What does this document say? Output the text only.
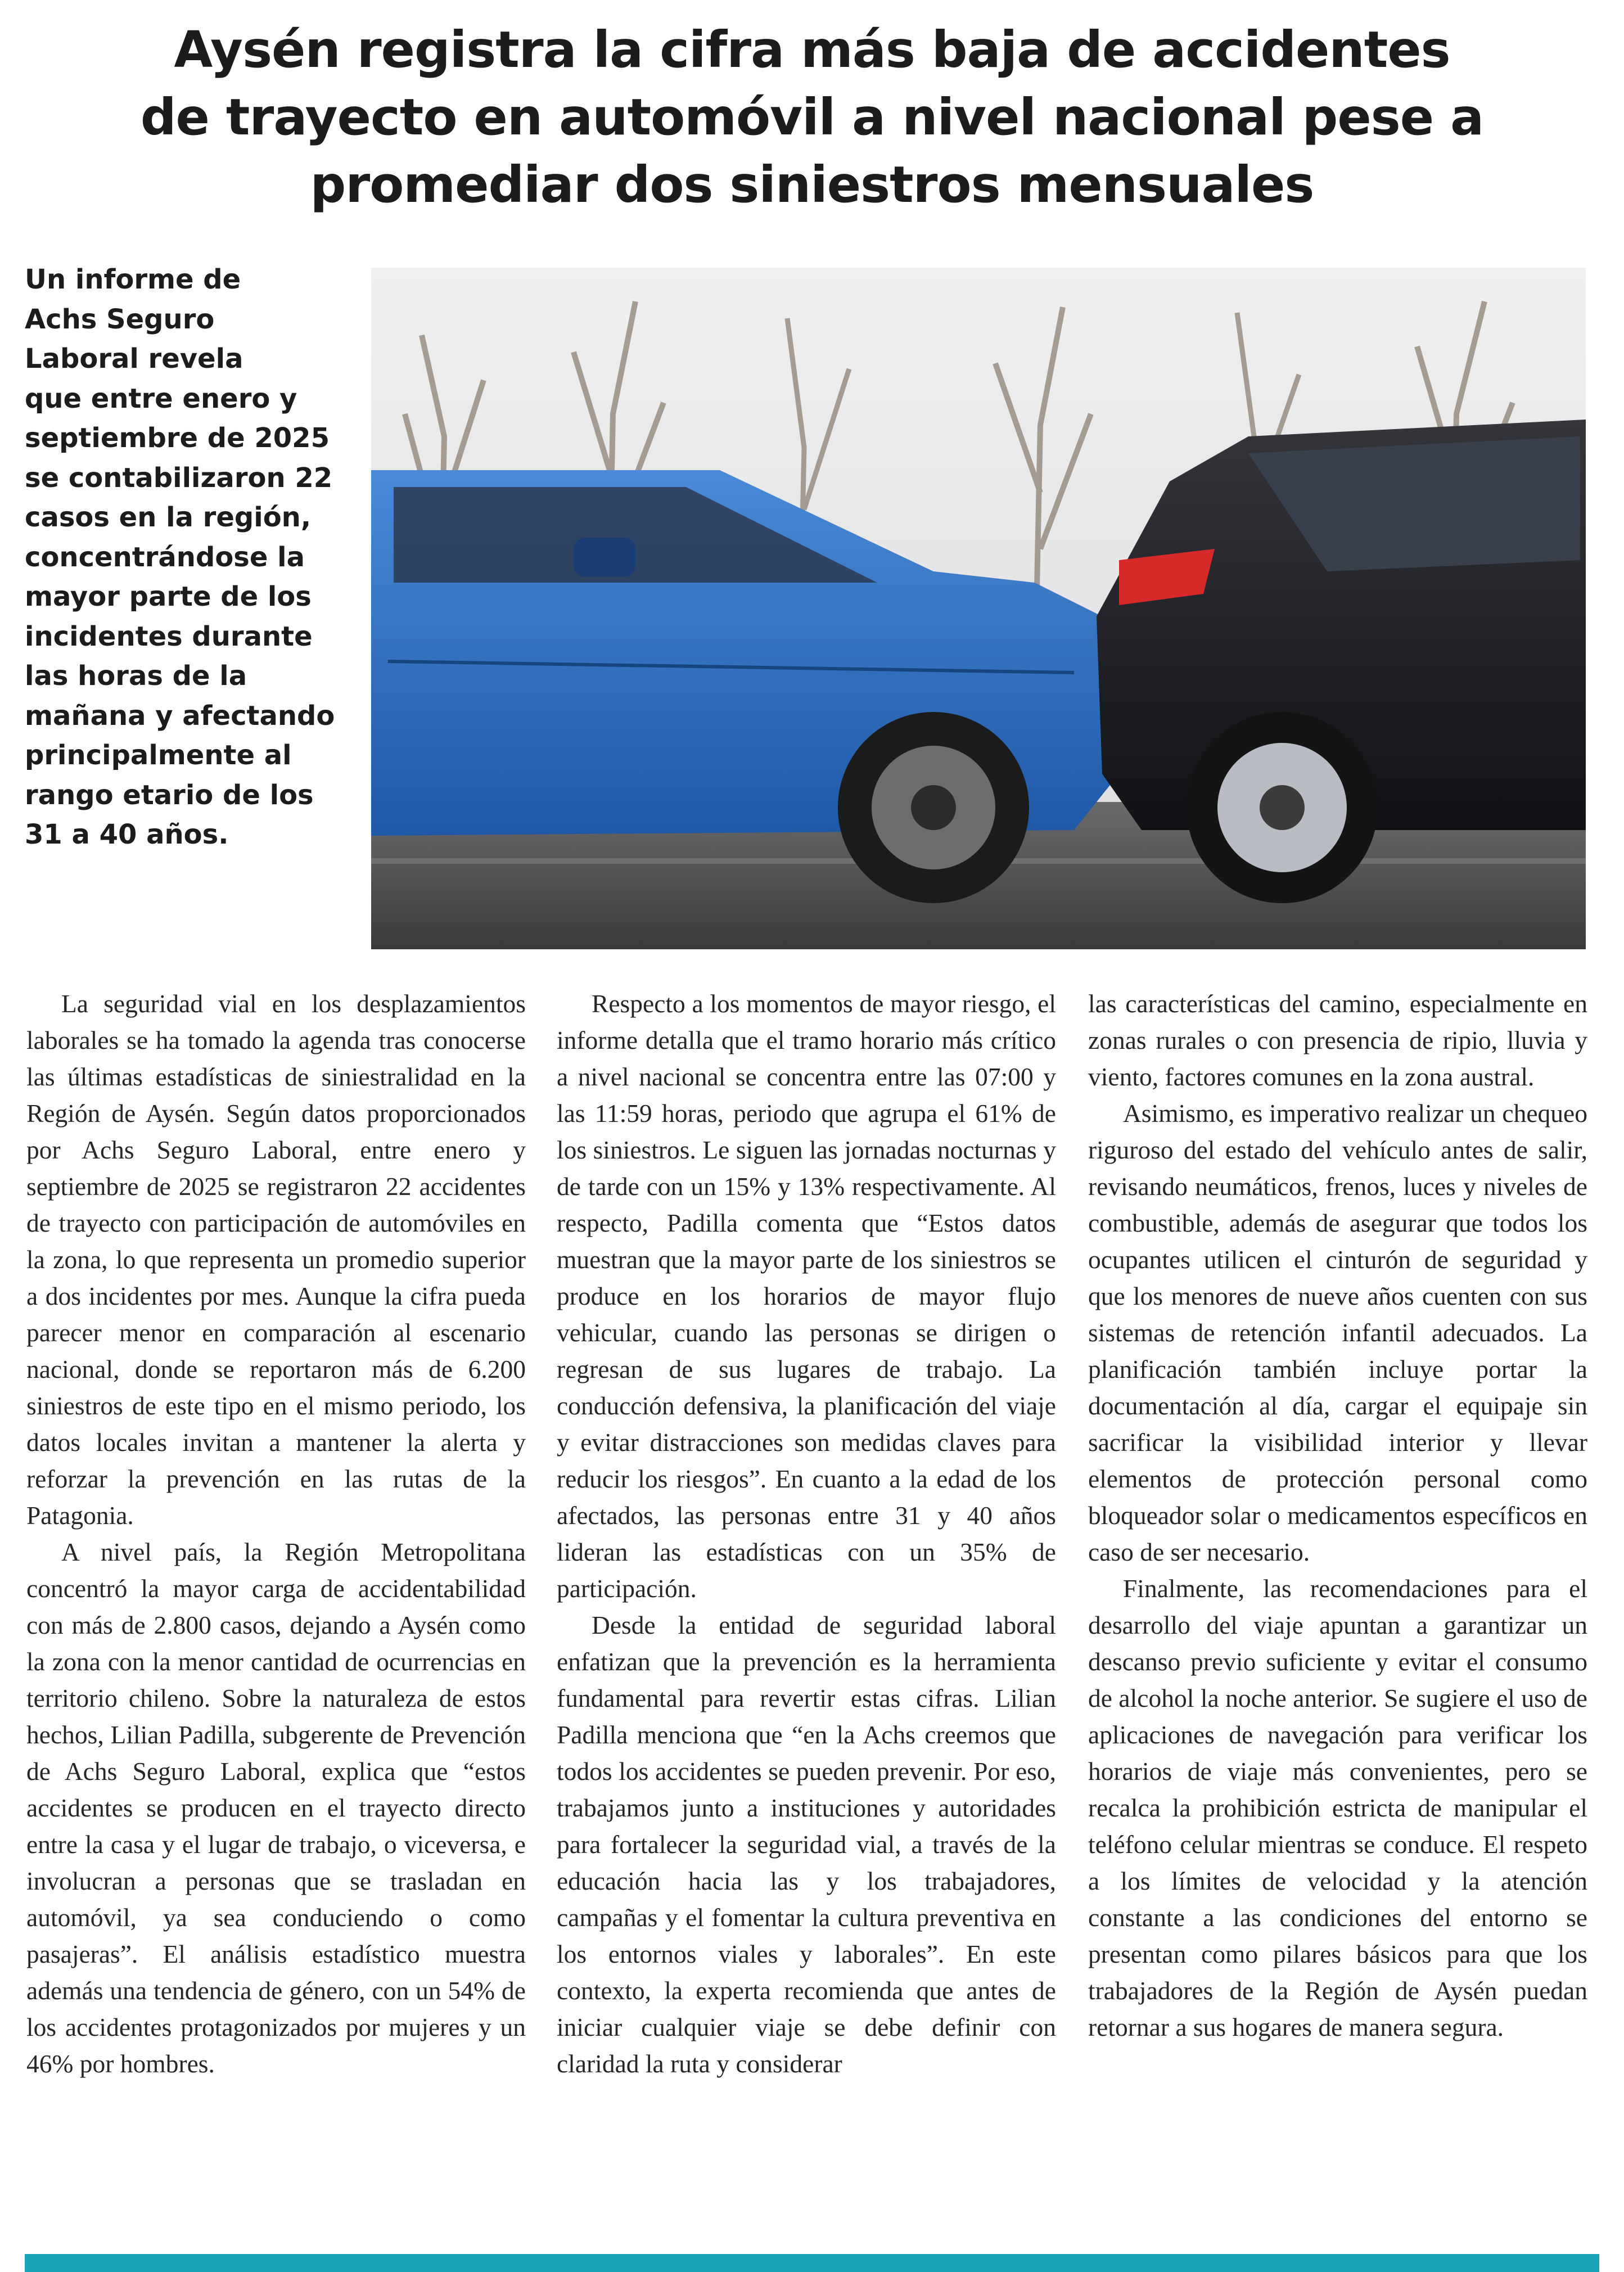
Aysén registra la cifra más baja de accidentes
de trayecto en automóvil a nivel nacional pese a
promediar dos siniestros mensuales
Un informe de
Achs Seguro
Laboral revela
que entre enero y
septiembre de 2025
se contabilizaron 22
casos en la región,
concentrándose la
mayor parte de los
incidentes durante
las horas de la
mañana y afectando
principalmente al
rango etario de los
31 a 40 años.

La seguridad vial en los desplazamientos laborales se ha tomado la agenda tras conocerse las últimas estadísticas de siniestralidad en la Región de Aysén. Según datos proporcionados por Achs Seguro Laboral, entre enero y septiembre de 2025 se registraron 22 accidentes de trayecto con participación de automóviles en la zona, lo que representa un promedio superior a dos incidentes por mes. Aunque la cifra pueda parecer menor en comparación al escenario nacional, donde se reportaron más de 6.200 siniestros de este tipo en el mismo periodo, los datos locales invitan a mantener la alerta y reforzar la prevención en las rutas de la Patagonia.

A nivel país, la Región Metropolitana concentró la mayor carga de accidentabilidad con más de 2.800 casos, dejando a Aysén como la zona con la menor cantidad de ocurrencias en territorio chileno. Sobre la naturaleza de estos hechos, Lilian Padilla, subgerente de Prevención de Achs Seguro Laboral, explica que “estos accidentes se producen en el trayecto directo entre la casa y el lugar de trabajo, o viceversa, e involucran a personas que se trasladan en automóvil, ya sea conduciendo o como pasajeras”. El análisis estadístico muestra además una tendencia de género, con un 54% de los accidentes protagonizados por mujeres y un 46% por hombres.

Respecto a los momentos de mayor riesgo, el informe detalla que el tramo horario más crítico a nivel nacional se concentra entre las 07:00 y las 11:59 horas, periodo que agrupa el 61% de los siniestros. Le siguen las jornadas nocturnas y de tarde con un 15% y 13% respectivamente. Al respecto, Padilla comenta que “Estos datos muestran que la mayor parte de los siniestros se produce en los horarios de mayor flujo vehicular, cuando las personas se dirigen o regresan de sus lugares de trabajo. La conducción defensiva, la planificación del viaje y evitar distracciones son medidas claves para reducir los riesgos”. En cuanto a la edad de los afectados, las personas entre 31 y 40 años lideran las estadísticas con un 35% de participación.

Desde la entidad de seguridad laboral enfatizan que la prevención es la herramienta fundamental para revertir estas cifras. Lilian Padilla menciona que “en la Achs creemos que todos los accidentes se pueden prevenir. Por eso, trabajamos junto a instituciones y autoridades para fortalecer la seguridad vial, a través de la educación hacia las y los trabajadores, campañas y el fomentar la cultura preventiva en los entornos viales y laborales”. En este contexto, la experta recomienda que antes de iniciar cualquier viaje se debe definir con claridad la ruta y considerar

las características del camino, especialmente en zonas rurales o con presencia de ripio, lluvia y viento, factores comunes en la zona austral.

Asimismo, es imperativo realizar un chequeo riguroso del estado del vehículo antes de salir, revisando neumáticos, frenos, luces y niveles de combustible, además de asegurar que todos los ocupantes utilicen el cinturón de seguridad y que los menores de nueve años cuenten con sus sistemas de retención infantil adecuados. La planificación también incluye portar la documentación al día, cargar el equipaje sin sacrificar la visibilidad interior y llevar elementos de protección personal como bloqueador solar o medicamentos específicos en caso de ser necesario.

Finalmente, las recomendaciones para el desarrollo del viaje apuntan a garantizar un descanso previo suficiente y evitar el consumo de alcohol la noche anterior. Se sugiere el uso de aplicaciones de navegación para verificar los horarios de viaje más convenientes, pero se recalca la prohibición estricta de manipular el teléfono celular mientras se conduce. El respeto a los límites de velocidad y la atención constante a las condiciones del entorno se presentan como pilares básicos para que los trabajadores de la Región de Aysén puedan retornar a sus hogares de manera segura.
